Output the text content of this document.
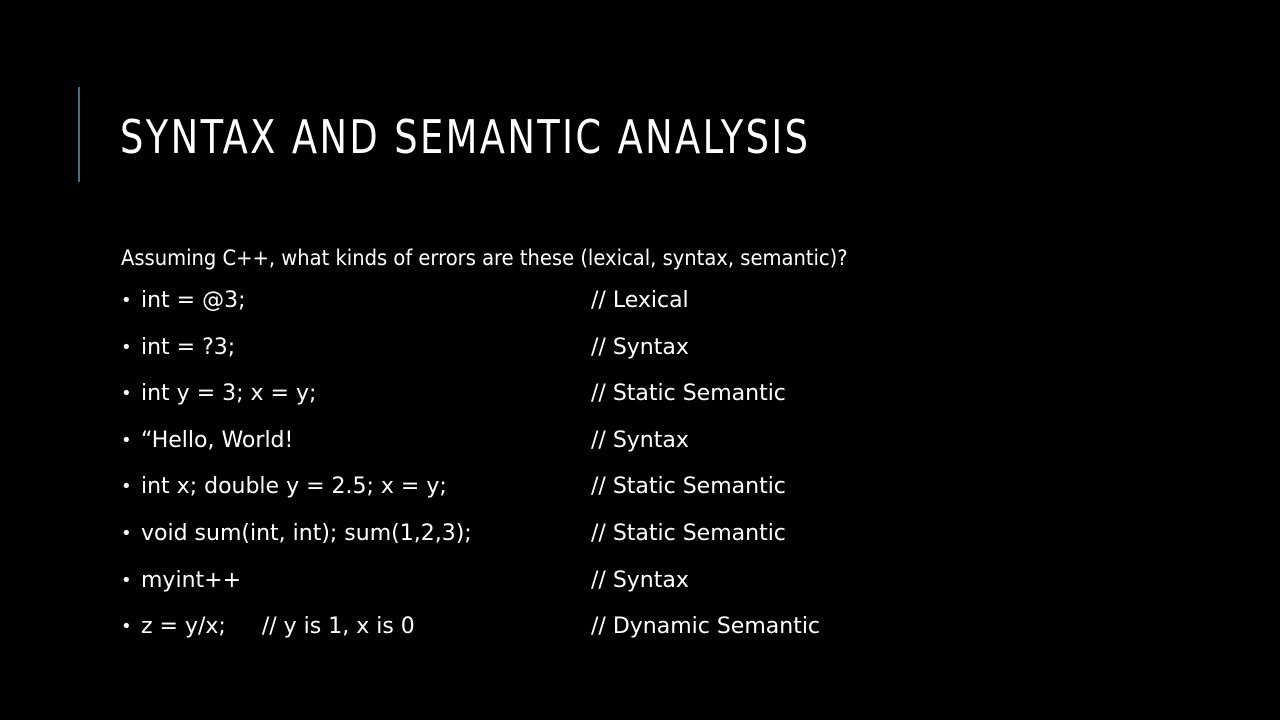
SYNTAX AND SEMANTIC ANALYSIS
Assuming C++, what kinds of errors are these (lexical, syntax, semantic)?
• int = @3;	// Lexical
• int = ?3;	// Syntax
• int y = 3; x = y;	// Static Semantic
• “Hello, World!	// Syntax
• int x; double y = 2.5; x = y;	// Static Semantic
• void sum(int, int); sum(1,2,3);	// Static Semantic
• myint++	// Syntax
• z = y/x; // y is 1, x is 0	// Dynamic Semantic
